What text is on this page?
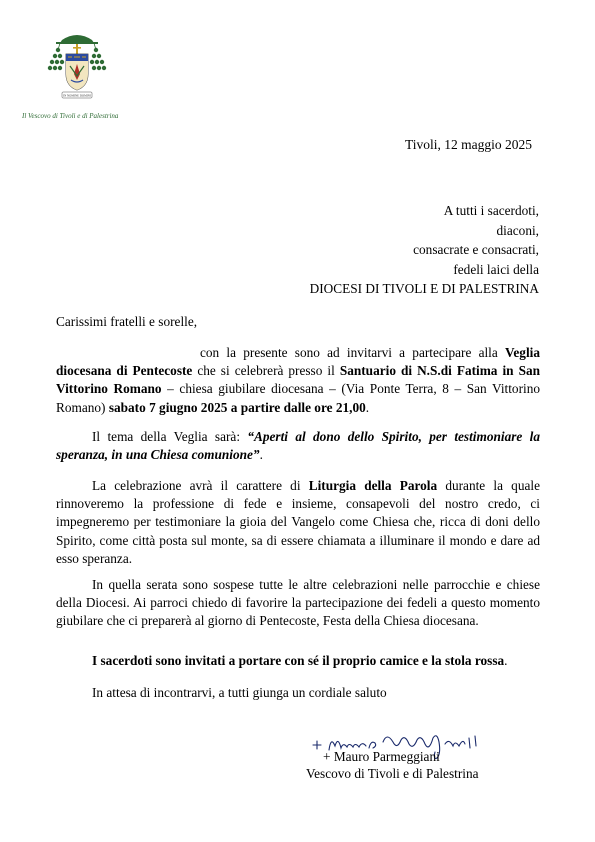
IN NOMINE DOMINI
Il Vescovo di Tivoli e di Palestrina
Tivoli, 12 maggio 2025
A tutti i sacerdoti,
diaconi,
consacrate e consacrati,
fedeli laici della
DIOCESI DI TIVOLI E DI PALESTRINA
Carissimi fratelli e sorelle,
con la presente sono ad invitarvi a partecipare alla Veglia diocesana di Pentecoste che si celebrerà presso il Santuario di N.S.di Fatima in San Vittorino Romano – chiesa giubilare diocesana – (Via Ponte Terra, 8 – San Vittorino Romano) sabato 7 giugno 2025 a partire dalle ore 21,00.
Il tema della Veglia sarà: “Aperti al dono dello Spirito, per testimoniare la speranza, in una Chiesa comunione”.
La celebrazione avrà il carattere di Liturgia della Parola durante la quale rinnoveremo la professione di fede e insieme, consapevoli del nostro credo, ci impegneremo per testimoniare la gioia del Vangelo come Chiesa che, ricca di doni dello Spirito, come città posta sul monte, sa di essere chiamata a illuminare il mondo e dare ad esso speranza.
In quella serata sono sospese tutte le altre celebrazioni nelle parrocchie e chiese della Diocesi. Ai parroci chiedo di favorire la partecipazione dei fedeli a questo momento giubilare che ci preparerà al giorno di Pentecoste, Festa della Chiesa diocesana.
I sacerdoti sono invitati a portare con sé il proprio camice e la stola rossa.
In attesa di incontrarvi, a tutti giunga un cordiale saluto
+ Mauro Parmeggiani
Vescovo di Tivoli e di Palestrina
